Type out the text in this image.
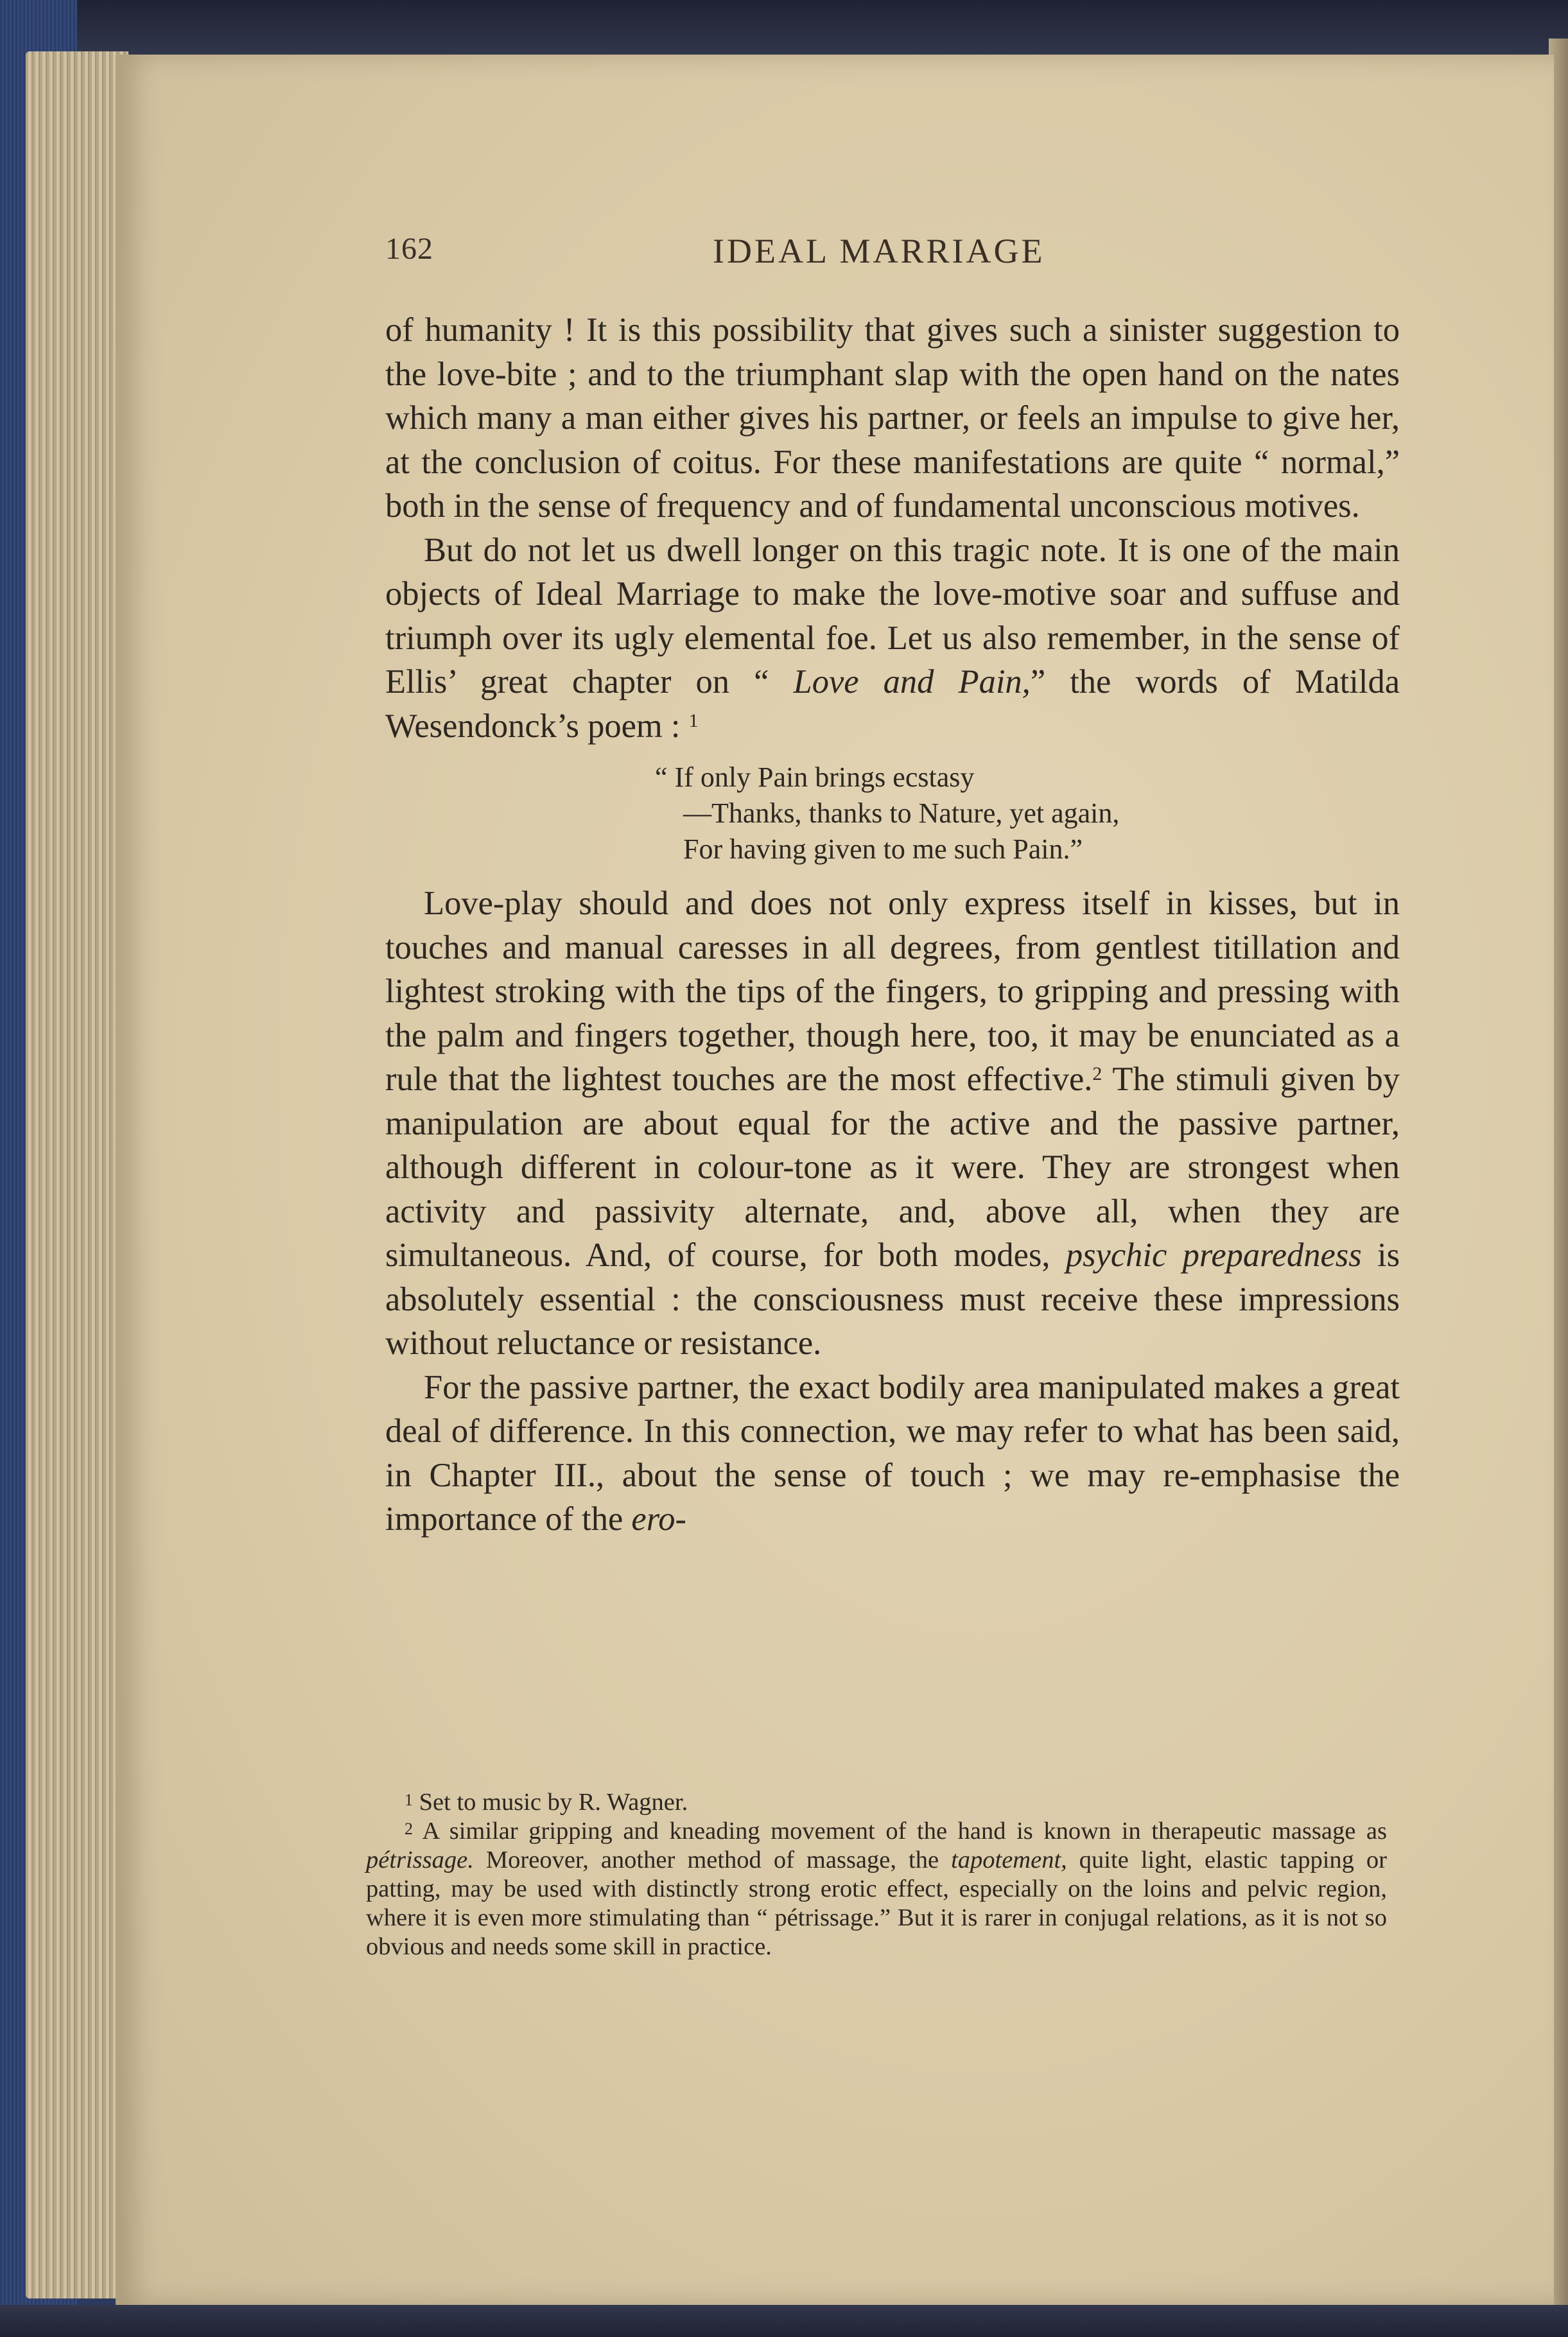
162	IDEAL MARRIAGE

of humanity ! It is this possibility that gives such a sinister suggestion to the love-bite ; and to the triumphant slap with the open hand on the nates which many a man either gives his partner, or feels an impulse to give her, at the conclusion of coitus. For these manifestations are quite “ normal,” both in the sense of frequency and of fundamental unconscious motives.

But do not let us dwell longer on this tragic note. It is one of the main objects of Ideal Marriage to make the love-motive soar and suffuse and triumph over its ugly elemental foe. Let us also remember, in the sense of Ellis’ great chapter on “ Love and Pain,” the words of Matilda Wesendonck’s poem : $^1$

“ If only Pain brings ecstasy
—Thanks, thanks to Nature, yet again,
For having given to me such Pain.”

Love-play should and does not only express itself in kisses, but in touches and manual caresses in all degrees, from gentlest titillation and lightest stroking with the tips of the fingers, to gripping and pressing with the palm and fingers together, though here, too, it may be enunciated as a rule that the lightest touches are the most effective.$^2$ The stimuli given by manipulation are about equal for the active and the passive partner, although different in colour-tone as it were. They are strongest when activity and passivity alternate, and, above all, when they are simultaneous. And, of course, for both modes, psychic preparedness is absolutely essential : the consciousness must receive these impressions without reluctance or resistance.

For the passive partner, the exact bodily area manipulated makes a great deal of difference. In this connection, we may refer to what has been said, in Chapter III., about the sense of touch ; we may re-emphasise the importance of the ero-

$^1$ Set to music by R. Wagner.

$^2$ A similar gripping and kneading movement of the hand is known in therapeutic massage as pétrissage. Moreover, another method of massage, the tapotement, quite light, elastic tapping or patting, may be used with distinctly strong erotic effect, especially on the loins and pelvic region, where it is even more stimulating than “ pétrissage.” But it is rarer in conjugal relations, as it is not so obvious and needs some skill in practice.
